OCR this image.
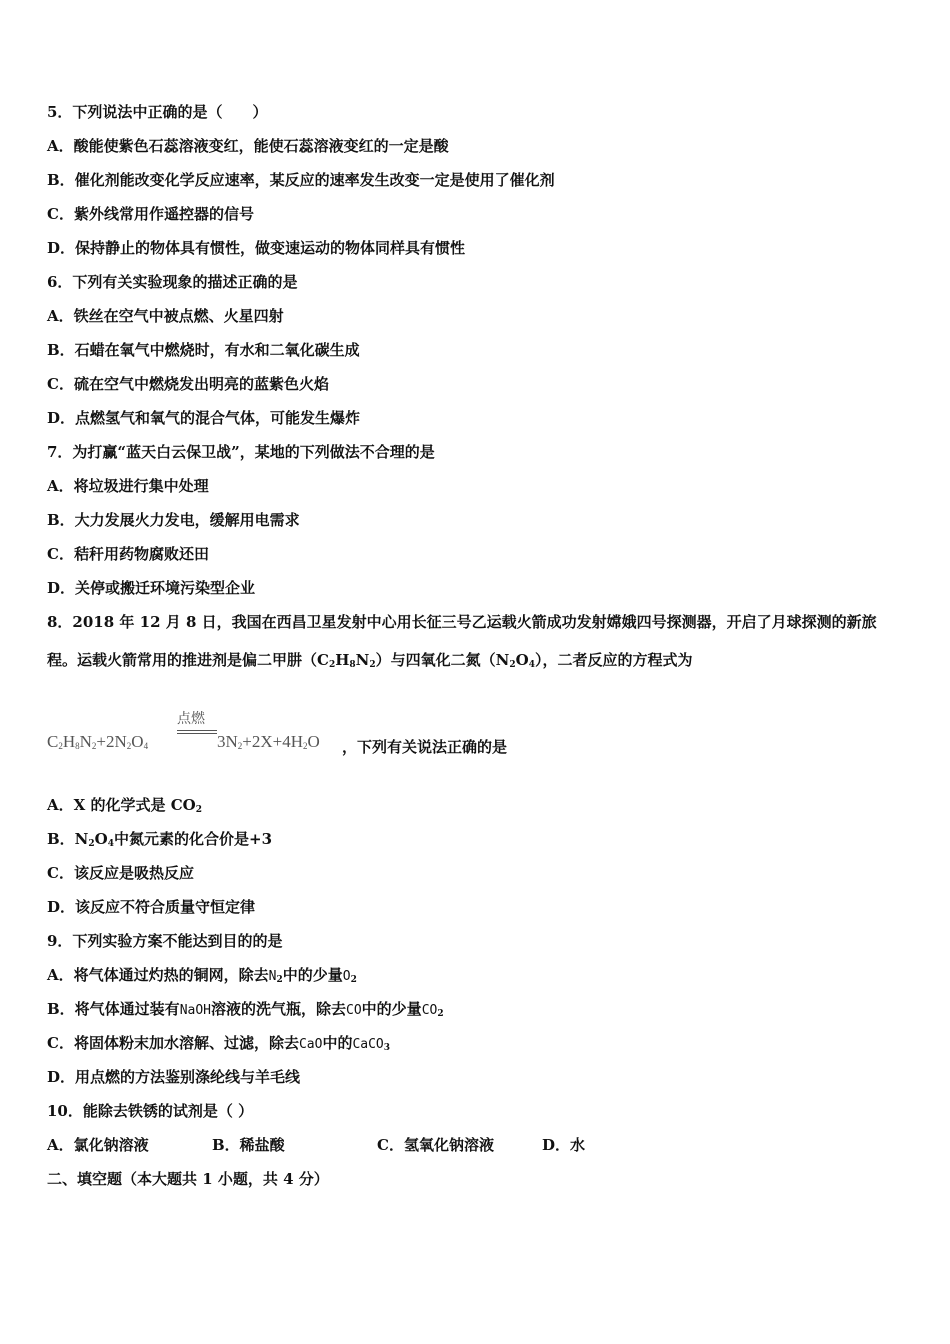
5．下列说法中正确的是（　　）
A．酸能使紫色石蕊溶液变红，能使石蕊溶液变红的一定是酸
B．催化剂能改变化学反应速率，某反应的速率发生改变一定是使用了催化剂
C．紫外线常用作遥控器的信号
D．保持静止的物体具有惯性，做变速运动的物体同样具有惯性
6．下列有关实验现象的描述正确的是
A．铁丝在空气中被点燃、火星四射
B．石蜡在氧气中燃烧时，有水和二氧化碳生成
C．硫在空气中燃烧发出明亮的蓝紫色火焰
D．点燃氢气和氧气的混合气体，可能发生爆炸
7．为打赢“蓝天白云保卫战”，某地的下列做法不合理的是
A．将垃圾进行集中处理
B．大力发展火力发电，缓解用电需求
C．秸秆用药物腐败还田
D．关停或搬迁环境污染型企业
8．2018 年 12 月 8 日，我国在西昌卫星发射中心用长征三号乙运载火箭成功发射嫦娥四号探测器，开启了月球探测的新旅程。运载火箭常用的推进剂是偏二甲肼$(C_2H_8N_2)$与四氧化二氮$(N_2O_4)$，二者反应的方程式为
点燃
$C_2H_8N_2+2N_2O_4$	$3N_2+2X+4H_2O$ ，下列有关说法正确的是
A．X 的化学式是 $CO_2$
B．$N_2O_4$中氮元素的化合价是+3
C．该反应是吸热反应
D．该反应不符合质量守恒定律
9．下列实验方案不能达到目的的是
A．将气体通过灼热的铜网，除去$N_2$中的少量$O_2$
B．将气体通过装有NaOH溶液的洗气瓶，除去CO中的少量$CO_2$
C．将固体粉末加水溶解、过滤，除去CaO中的CaCO$_3$
D．用点燃的方法鉴别涤纶线与羊毛线
10．能除去铁锈的试剂是（ ）
A．氯化钠溶液	B．稀盐酸	C．氢氧化钠溶液	D．水
二、填空题（本大题共 1 小题，共 4 分）
